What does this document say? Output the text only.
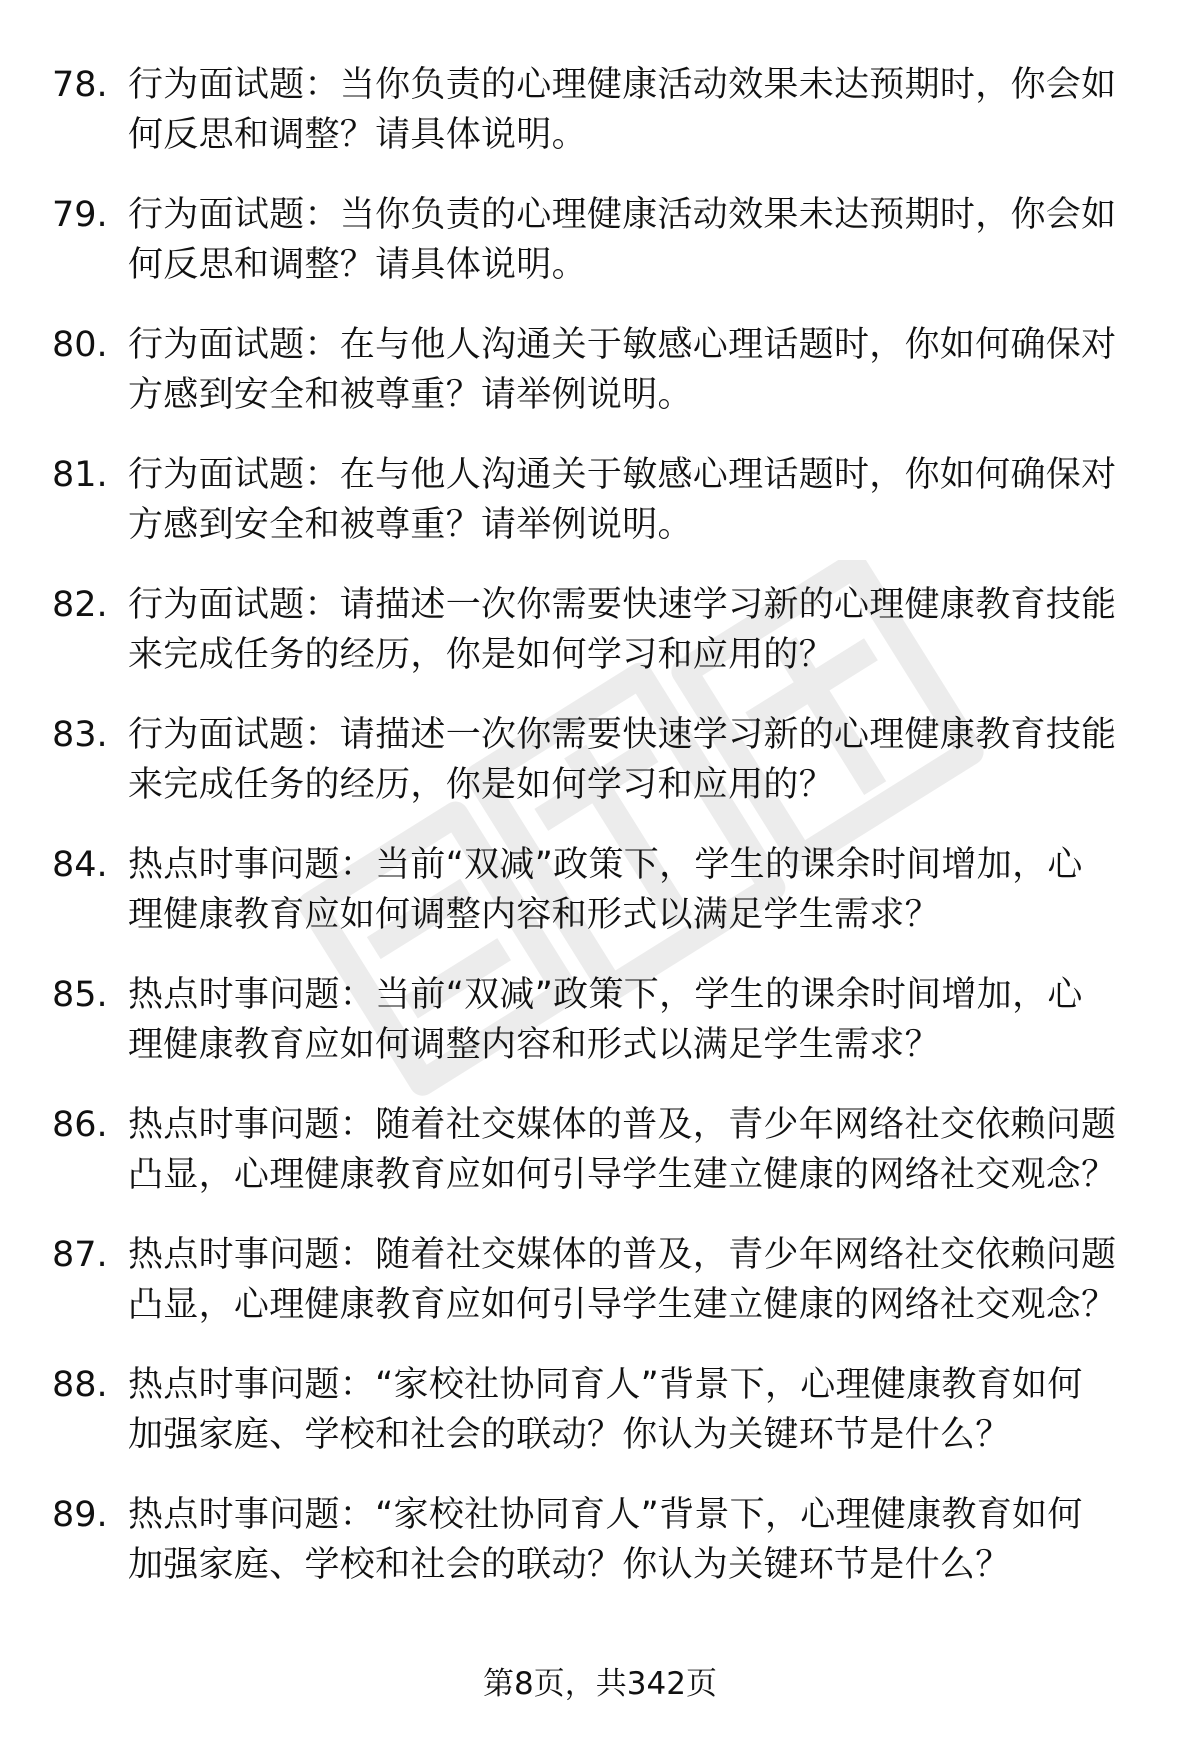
78. 行为面试题：当你负责的心理健康活动效果未达预期时，你会如
何反思和调整？请具体说明。
79. 行为面试题：当你负责的心理健康活动效果未达预期时，你会如
何反思和调整？请具体说明。
80. 行为面试题：在与他人沟通关于敏感心理话题时，你如何确保对
方感到安全和被尊重？请举例说明。
81. 行为面试题：在与他人沟通关于敏感心理话题时，你如何确保对
方感到安全和被尊重？请举例说明。
82. 行为面试题：请描述一次你需要快速学习新的心理健康教育技能
来完成任务的经历，你是如何学习和应用的？
83. 行为面试题：请描述一次你需要快速学习新的心理健康教育技能
来完成任务的经历，你是如何学习和应用的？
84. 热点时事问题：当前“双减”政策下，学生的课余时间增加，心
理健康教育应如何调整内容和形式以满足学生需求？
85. 热点时事问题：当前“双减”政策下，学生的课余时间增加，心
理健康教育应如何调整内容和形式以满足学生需求？
86. 热点时事问题：随着社交媒体的普及，青少年网络社交依赖问题
凸显，心理健康教育应如何引导学生建立健康的网络社交观念？
87. 热点时事问题：随着社交媒体的普及，青少年网络社交依赖问题
凸显，心理健康教育应如何引导学生建立健康的网络社交观念？
88. 热点时事问题：“家校社协同育人”背景下，心理健康教育如何
加强家庭、学校和社会的联动？你认为关键环节是什么？
89. 热点时事问题：“家校社协同育人”背景下，心理健康教育如何
加强家庭、学校和社会的联动？你认为关键环节是什么？
第8页，共342页
